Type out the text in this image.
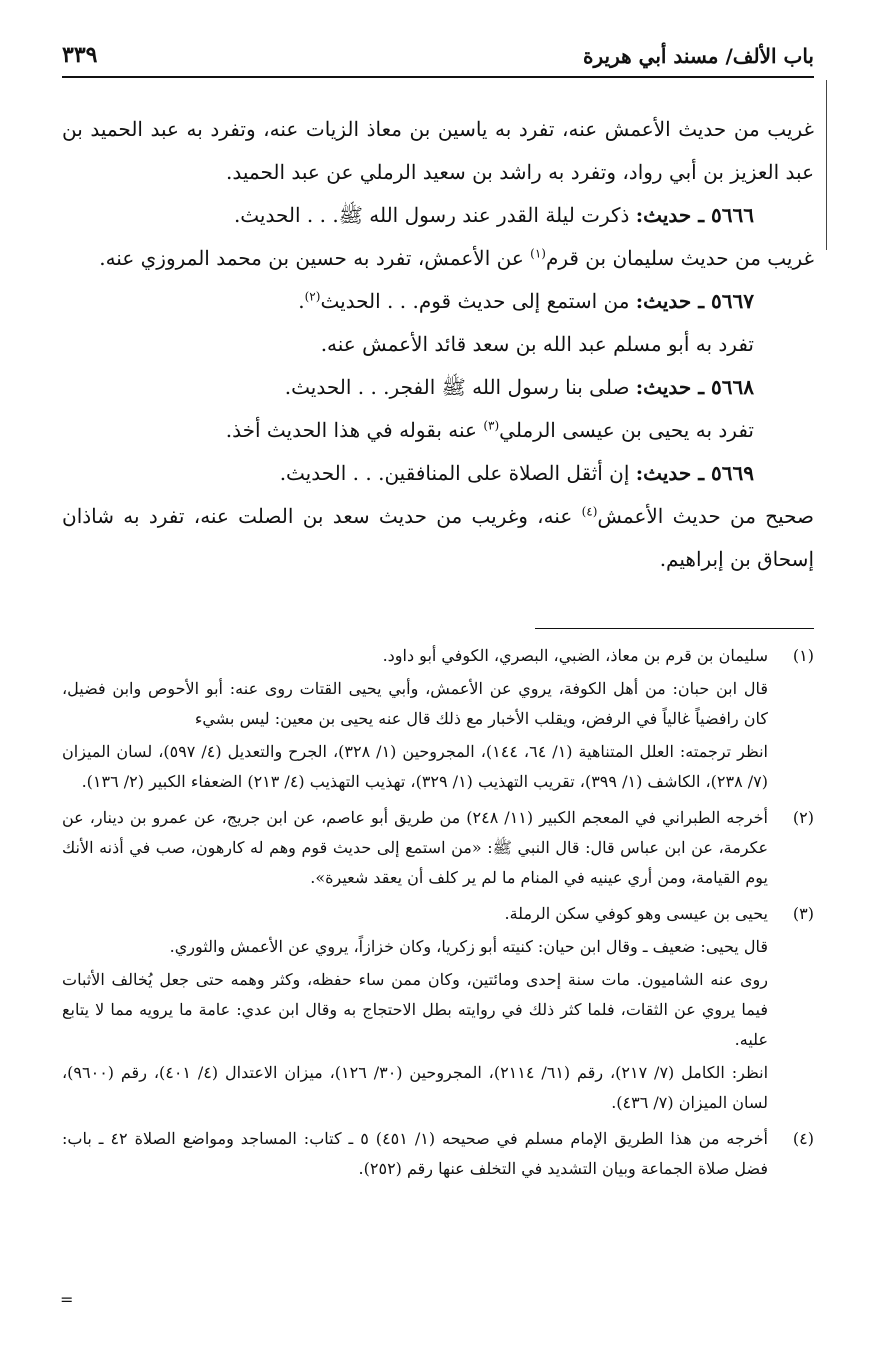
باب الألف/ مسند أبي هريرة
٣٣٩

غريب من حديث الأعمش عنه، تفرد به ياسين بن معاذ الزيات عنه، وتفرد به عبد الحميد بن عبد العزيز بن أبي رواد، وتفرد به راشد بن سعيد الرملي عن عبد الحميد.

٥٦٦٦ ـ حديث: ذكرت ليلة القدر عند رسول الله ﷺ. . . الحديث.

غريب من حديث سليمان بن قرم$^{(١)}$ عن الأعمش، تفرد به حسين بن محمد المروزي عنه.

٥٦٦٧ ـ حديث: من استمع إلى حديث قوم. . . الحديث$^{(٢)}$.

تفرد به أبو مسلم عبد الله بن سعد قائد الأعمش عنه.

٥٦٦٨ ـ حديث: صلى بنا رسول الله ﷺ الفجر. . . الحديث.

تفرد به يحيى بن عيسى الرملي$^{(٣)}$ عنه بقوله في هذا الحديث أخذ.

٥٦٦٩ ـ حديث: إن أثقل الصلاة على المنافقين. . . الحديث.

صحيح من حديث الأعمش$^{(٤)}$ عنه، وغريب من حديث سعد بن الصلت عنه، تفرد به شاذان إسحاق بن إبراهيم.

(١)

سليمان بن قرم بن معاذ، الضبي، البصري، الكوفي أبو داود.

قال ابن حبان: من أهل الكوفة، يروي عن الأعمش، وأبي يحيى القتات روى عنه: أبو الأحوص وابن فضيل، كان رافضياً غالياً في الرفض، ويقلب الأخبار مع ذلك قال عنه يحيى بن معين: ليس بشيء

انظر ترجمته: العلل المتناهية (١/ ٦٤، ١٤٤)، المجروحين (١/ ٣٢٨)، الجرح والتعديل (٤/ ٥٩٧)، لسان الميزان (٧/ ٢٣٨)، الكاشف (١/ ٣٩٩)، تقريب التهذيب (١/ ٣٢٩)، تهذيب التهذيب (٤/ ٢١٣) الضعفاء الكبير (٢/ ١٣٦).

(٢)

أخرجه الطبراني في المعجم الكبير (١١/ ٢٤٨) من طريق أبو عاصم، عن ابن جريج، عن عمرو بن دينار، عن عكرمة، عن ابن عباس قال: قال النبي ﷺ: «من استمع إلى حديث قوم وهم له كارهون، صب في أذنه الأنك يوم القيامة، ومن أري عينيه في المنام ما لم ير كلف أن يعقد شعيرة».

(٣)

يحيى بن عيسى وهو كوفي سكن الرملة.

قال يحيى: ضعيف ـ وقال ابن حيان: كنيته أبو زكريا، وكان خزازاً، يروي عن الأعمش والثوري.

روى عنه الشاميون. مات سنة إحدى ومائتين، وكان ممن ساء حفظه، وكثر وهمه حتى جعل يُخالف الأثبات فيما يروي عن الثقات، فلما كثر ذلك في روايته بطل الاحتجاج به وقال ابن عدي: عامة ما يرويه مما لا يتابع عليه.

انظر: الكامل (٧/ ٢١٧)، رقم (٦١/ ٢١١٤)، المجروحين (٣٠/ ١٢٦)، ميزان الاعتدال (٤/ ٤٠١)، رقم (٩٦٠٠)، لسان الميزان (٧/ ٤٣٦).

(٤)

أخرجه من هذا الطريق الإمام مسلم في صحيحه (١/ ٤٥١) ٥ ـ كتاب: المساجد ومواضع الصلاة ٤٢ ـ باب: فضل صلاة الجماعة وبيان التشديد في التخلف عنها رقم (٢٥٢).

=
